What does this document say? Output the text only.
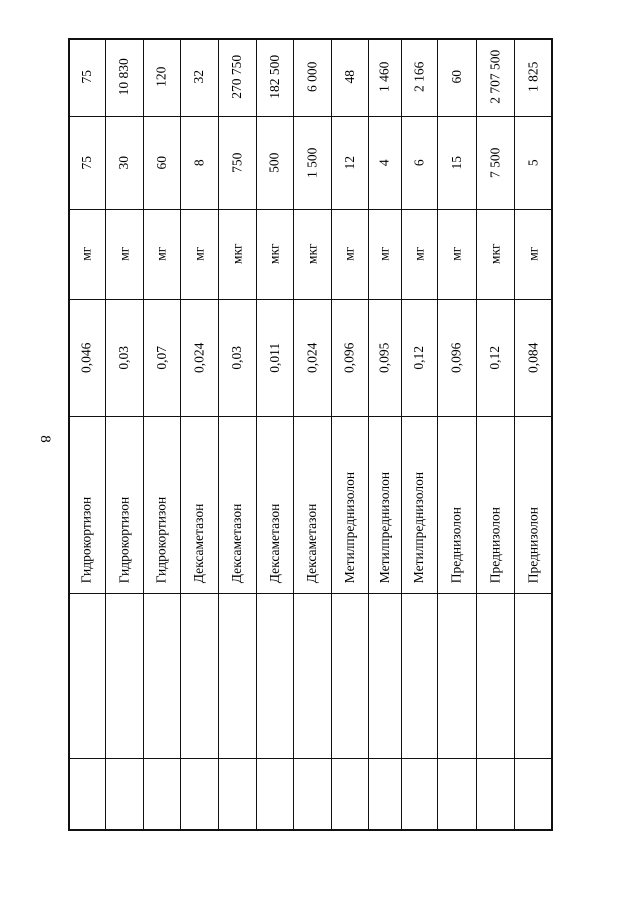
8
75
75
мг
0,046
Гидрокортизон
10 830
30
мг
0,03
Гидрокортизон
120
60
мг
0,07
Гидрокортизон
32
8
мг
0,024
Дексаметазон
270 750
750
мкг
0,03
Дексаметазон
182 500
500
мкг
0,011
Дексаметазон
6 000
1 500
мкг
0,024
Дексаметазон
48
12
мг
0,096
Метилпреднизолон
1 460
4
мг
0,095
Метилпреднизолон
2 166
6
мг
0,12
Метилпреднизолон
60
15
мг
0,096
Преднизолон
2 707 500
7 500
мкг
0,12
Преднизолон
1 825
5
мг
0,084
Преднизолон
